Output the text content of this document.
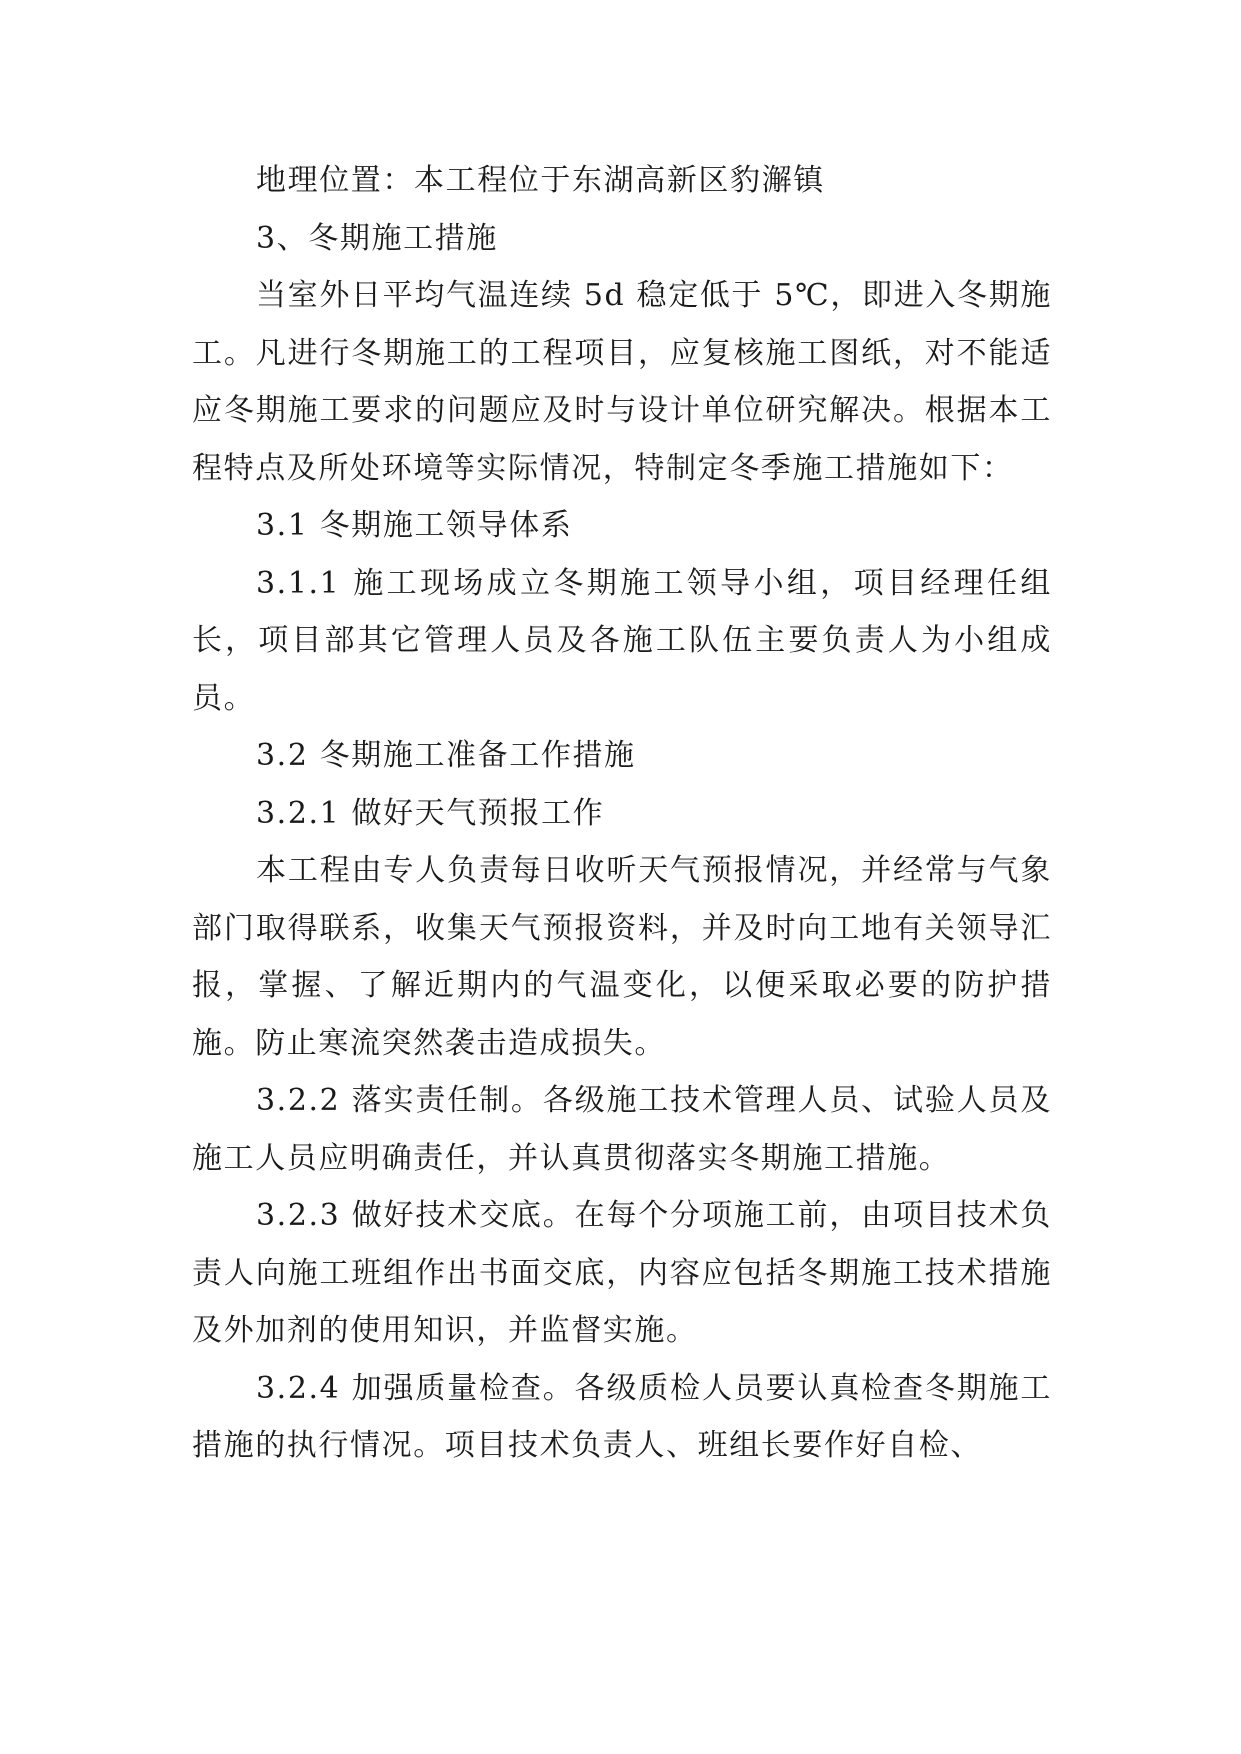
地理位置：本工程位于东湖高新区豹澥镇

3、冬期施工措施

当室外日平均气温连续 5d 稳定低于 5℃，即进入冬期施工。凡进行冬期施工的工程项目，应复核施工图纸，对不能适应冬期施工要求的问题应及时与设计单位研究解决。根据本工程特点及所处环境等实际情况，特制定冬季施工措施如下：

3.1 冬期施工领导体系

3.1.1 施工现场成立冬期施工领导小组，项目经理任组长，项目部其它管理人员及各施工队伍主要负责人为小组成员。

3.2 冬期施工准备工作措施

3.2.1 做好天气预报工作

本工程由专人负责每日收听天气预报情况，并经常与气象部门取得联系，收集天气预报资料，并及时向工地有关领导汇报，掌握、了解近期内的气温变化，以便采取必要的防护措施。防止寒流突然袭击造成损失。

3.2.2 落实责任制。各级施工技术管理人员、试验人员及施工人员应明确责任，并认真贯彻落实冬期施工措施。

3.2.3 做好技术交底。在每个分项施工前，由项目技术负责人向施工班组作出书面交底，内容应包括冬期施工技术措施及外加剂的使用知识，并监督实施。

3.2.4 加强质量检查。各级质检人员要认真检查冬期施工措施的执行情况。项目技术负责人、班组长要作好自检、
